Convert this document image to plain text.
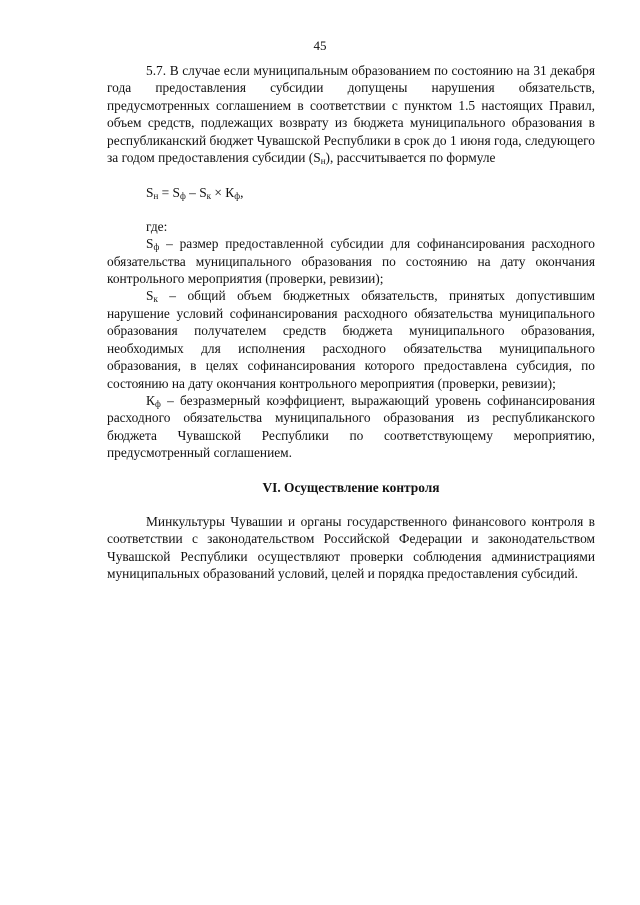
45

5.7. В случае если муниципальным образованием по состоянию на 31 декабря года предоставления субсидии допущены нарушения обязательств, предусмотренных соглашением в соответствии с пунктом 1.5 настоящих Правил, объем средств, подлежащих возврату из бюджета муниципального образования в республиканский бюджет Чувашской Республики в срок до 1 июня года, следующего за годом предоставления субсидии $(S_н)$, рассчитывается по формуле

$S_н = S_ф - S_к \times К_ф$,

где:

$S_ф$ – размер предоставленной субсидии для софинансирования расходного обязательства муниципального образования по состоянию на дату окончания контрольного мероприятия (проверки, ревизии);

$S_к$ – общий объем бюджетных обязательств, принятых допустившим нарушение условий софинансирования расходного обязательства муниципального образования получателем средств бюджета муниципального образования, необходимых для исполнения расходного обязательства муниципального образования, в целях софинансирования которого предоставлена субсидия, по состоянию на дату окончания контрольного мероприятия (проверки, ревизии);

$К_ф$ – безразмерный коэффициент, выражающий уровень софинансирования расходного обязательства муниципального образования из республиканского бюджета Чувашской Республики по соответствующему мероприятию, предусмотренный соглашением.

VI. Осуществление контроля

Минкультуры Чувашии и органы государственного финансового контроля в соответствии с законодательством Российской Федерации и законодательством Чувашской Республики осуществляют проверки соблюдения администрациями муниципальных образований условий, целей и порядка предоставления субсидий.
